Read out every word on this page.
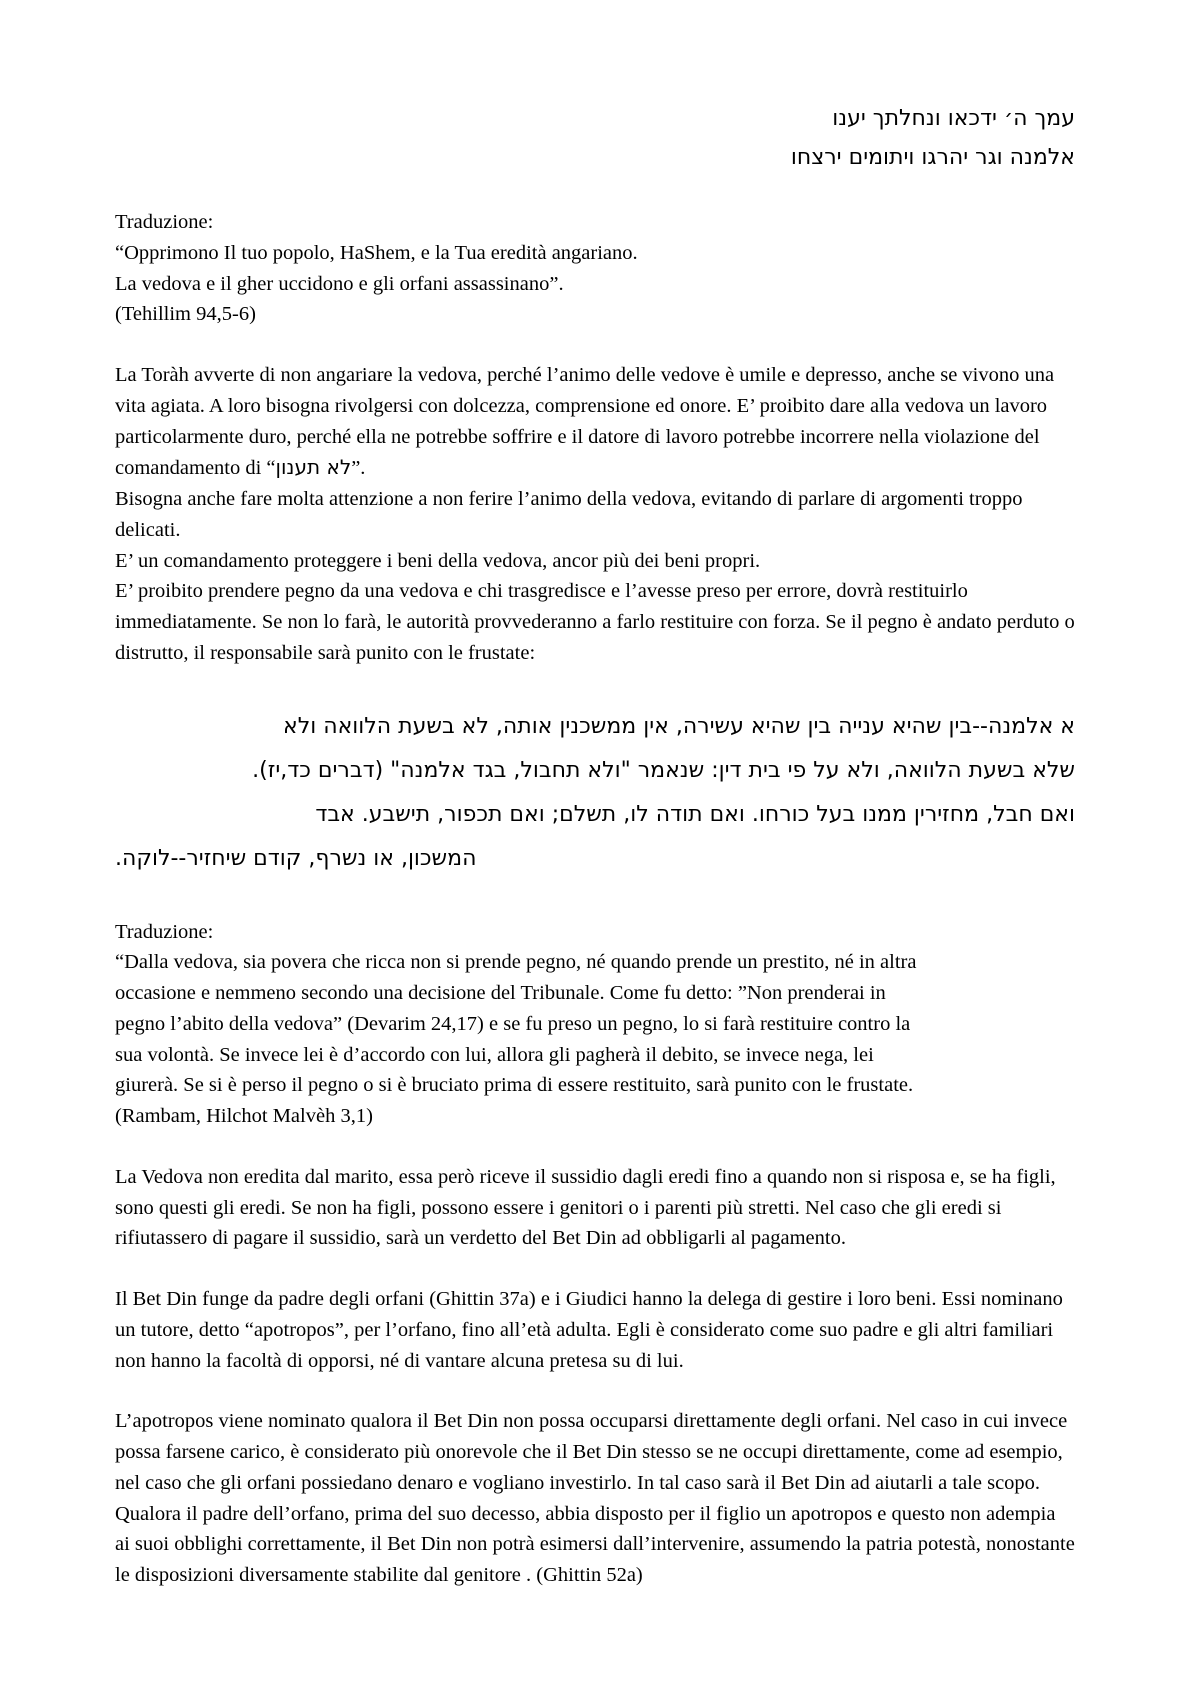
עמך ה׳ ידכאו ונחלתך יענו
אלמנה וגר יהרגו ויתומים ירצחו

Traduzione:

“Opprimono Il tuo popolo, HaShem, e la Tua eredità angariano.

La vedova e il gher uccidono e gli orfani assassinano”.

(Tehillim 94,5-6)

La Toràh avverte di non angariare la vedova, perché l’animo delle vedove è umile e depresso, anche se vivono una vita agiata. A loro bisogna rivolgersi con dolcezza, comprensione ed onore. E’ proibito dare alla vedova un lavoro particolarmente duro, perché ella ne potrebbe soffrire e il datore di lavoro potrebbe incorrere nella violazione del comandamento di “לא תענון”.

Bisogna anche fare molta attenzione a non ferire l’animo della vedova, evitando di parlare di argomenti troppo delicati.

E’ un comandamento proteggere i beni della vedova, ancor più dei beni propri.

E’ proibito prendere pegno da una vedova e chi trasgredisce e l’avesse preso per errore, dovrà restituirlo immediatamente. Se non lo farà, le autorità provvederanno a farlo restituire con forza. Se il pegno è andato perduto o distrutto, il responsabile sarà punito con le frustate:

א אלמנה--בין שהיא ענייה בין שהיא עשירה, אין ממשכנין אותה, לא בשעת הלוואה ולא
שלא בשעת הלוואה, ולא על פי בית דין: שנאמר "ולא תחבול, בגד אלמנה" (דברים כד,יז).
ואם חבל, מחזירין ממנו בעל כורחו. ואם תודה לו, תשלם; ואם תכפור, תישבע. אבד
המשכון, או נשרף, קודם שיחזיר--לוקה.

Traduzione:

“Dalla vedova, sia povera che ricca non si prende pegno, né quando prende un prestito, né in altra

occasione e nemmeno secondo una decisione del Tribunale. Come fu detto: ”Non prenderai in

pegno l’abito della vedova” (Devarim 24,17) e se fu preso un pegno, lo si farà restituire contro la

sua volontà. Se invece lei è d’accordo con lui, allora gli pagherà il debito, se invece nega, lei

giurerà. Se si è perso il pegno o si è bruciato prima di essere restituito, sarà punito con le frustate.

(Rambam, Hilchot Malvèh 3,1)

La Vedova non eredita dal marito, essa però riceve il sussidio dagli eredi fino a quando non si risposa e, se ha figli, sono questi gli eredi. Se non ha figli, possono essere i genitori o i parenti più stretti. Nel caso che gli eredi si rifiutassero di pagare il sussidio, sarà un verdetto del Bet Din ad obbligarli al pagamento.

Il Bet Din funge da padre degli orfani (Ghittin 37a) e i Giudici hanno la delega di gestire i loro beni. Essi nominano un tutore, detto “apotropos”, per l’orfano, fino all’età adulta. Egli è considerato come suo padre e gli altri familiari non hanno la facoltà di opporsi, né di vantare alcuna pretesa su di lui.

L’apotropos viene nominato qualora il Bet Din non possa occuparsi direttamente degli orfani. Nel caso in cui invece possa farsene carico, è considerato più onorevole che il Bet Din stesso se ne occupi direttamente, come ad esempio, nel caso che gli orfani possiedano denaro e vogliano investirlo. In tal caso sarà il Bet Din ad aiutarli a tale scopo. Qualora il padre dell’orfano, prima del suo decesso, abbia disposto per il figlio un apotropos e questo non adempia ai suoi obblighi correttamente, il Bet Din non potrà esimersi dall’intervenire, assumendo la patria potestà, nonostante le disposizioni diversamente stabilite dal genitore . (Ghittin 52a)
